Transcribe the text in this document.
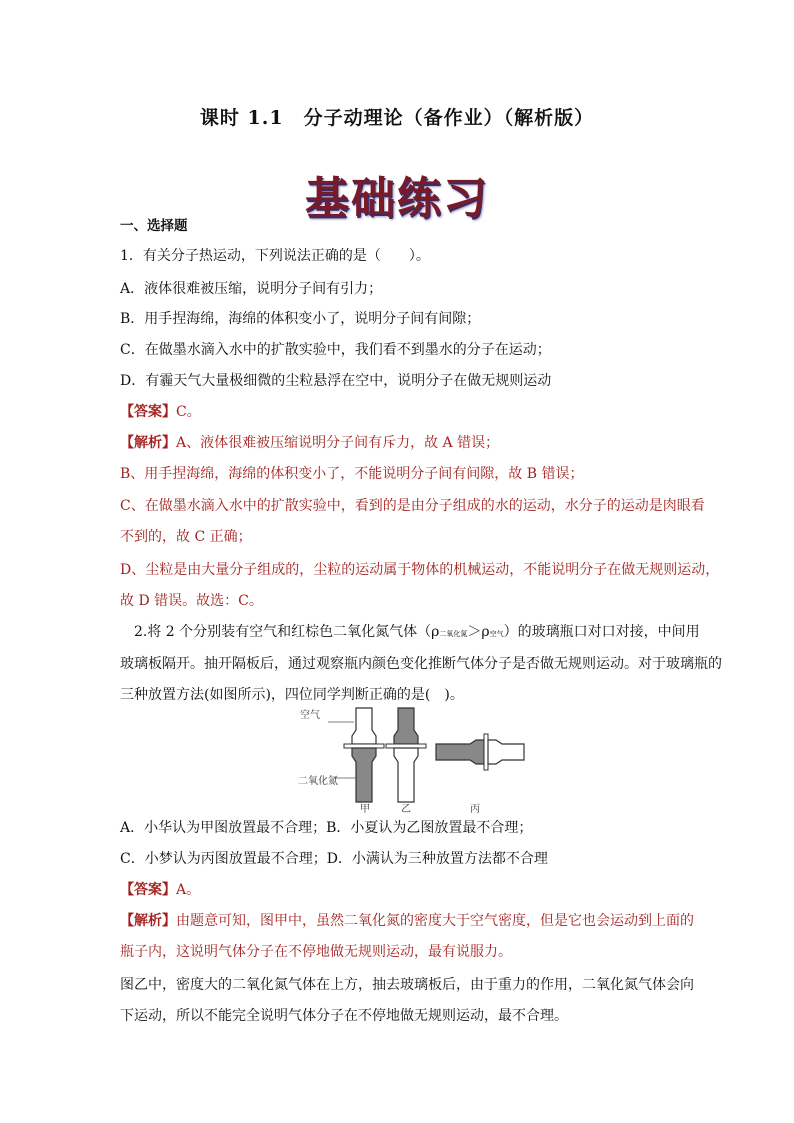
课时 1.1　分子动理论（备作业）（解析版）
基础练习
一、选择题
1．有关分子热运动，下列说法正确的是（　　）。
A．液体很难被压缩，说明分子间有引力；
B．用手捏海绵，海绵的体积变小了，说明分子间有间隙；
C．在做墨水滴入水中的扩散实验中，我们看不到墨水的分子在运动；
D．有霾天气大量极细微的尘粒悬浮在空中，说明分子在做无规则运动
【答案】C。
【解析】A、液体很难被压缩说明分子间有斥力，故 A 错误；
B、用手捏海绵，海绵的体积变小了，不能说明分子间有间隙，故 B 错误；
C、在做墨水滴入水中的扩散实验中，看到的是由分子组成的水的运动，水分子的运动是肉眼看
不到的，故 C 正确；
D、尘粒是由大量分子组成的，尘粒的运动属于物体的机械运动，不能说明分子在做无规则运动，
故 D 错误。故选：C。
2.将 2 个分别装有空气和红棕色二氧化氮气体（ρ二氧化氮＞ρ空气）的玻璃瓶口对口对接，中间用
玻璃板隔开。抽开隔板后，通过观察瓶内颜色变化推断气体分子是否做无规则运动。对于玻璃瓶的
三种放置方法(如图所示)，四位同学判断正确的是(　)。
空气
二氧化氮
甲	乙	丙
A．小华认为甲图放置最不合理；B．小夏认为乙图放置最不合理；
C．小梦认为丙图放置最不合理；D．小满认为三种放置方法都不合理
【答案】A。
【解析】由题意可知，图甲中，虽然二氧化氮的密度大于空气密度，但是它也会运动到上面的
瓶子内，这说明气体分子在不停地做无规则运动，最有说服力。
图乙中，密度大的二氧化氮气体在上方，抽去玻璃板后，由于重力的作用，二氧化氮气体会向
下运动，所以不能完全说明气体分子在不停地做无规则运动，最不合理。
